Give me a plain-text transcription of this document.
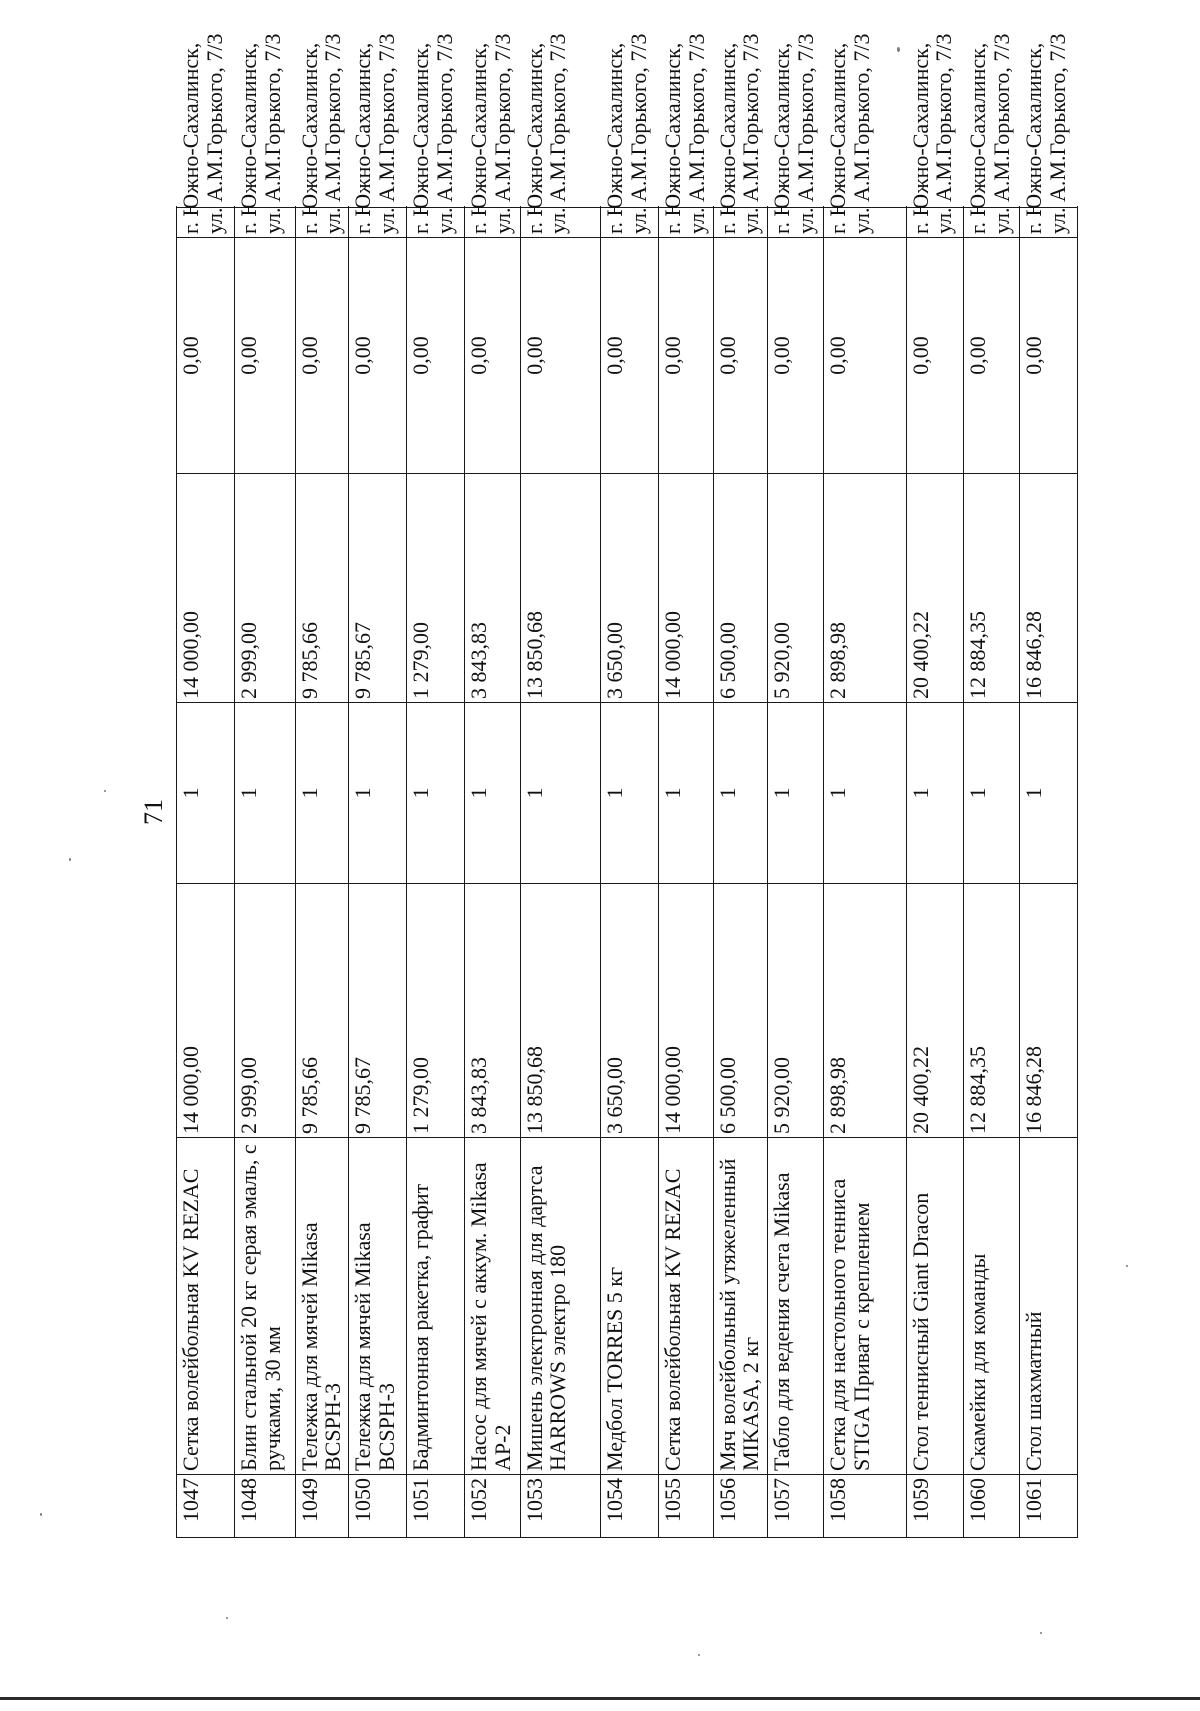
71
1047	Сетка волейбольная KV REZAC	14 000,00	1	14 000,00	0,00	г. Южно-Сахалинск,
ул. А.М.Горького, 7/3

1048	Блин стальной 20 кг серая эмаль, с ручками, 30 мм	2 999,00	1	2 999,00	0,00	г. Южно-Сахалинск,
ул. А.М.Горького, 7/3

1049	Тележка для мячей Mikasa BCSPH-3	9 785,66	1	9 785,66	0,00	г. Южно-Сахалинск,
ул. А.М.Горького, 7/3

1050	Тележка для мячей Mikasa BCSPH-3	9 785,67	1	9 785,67	0,00	г. Южно-Сахалинск,
ул. А.М.Горького, 7/3

1051	Бадминтонная ракетка, графит	1 279,00	1	1 279,00	0,00	г. Южно-Сахалинск,
ул. А.М.Горького, 7/3

1052	Насос для мячей с аккум. Mikasa AP-2	3 843,83	1	3 843,83	0,00	г. Южно-Сахалинск,
ул. А.М.Горького, 7/3

1053	Мишень электронная для дартса HARROWS электро 180	13 850,68	1	13 850,68	0,00	г. Южно-Сахалинск,
ул. А.М.Горького, 7/3

1054	Медбол TORRES 5 кг	3 650,00	1	3 650,00	0,00	г. Южно-Сахалинск,
ул. А.М.Горького, 7/3

1055	Сетка волейбольная KV REZAC	14 000,00	1	14 000,00	0,00	г. Южно-Сахалинск,
ул. А.М.Горького, 7/3

1056	Мяч волейбольный утяжеленный MIKASA, 2 кг	6 500,00	1	6 500,00	0,00	г. Южно-Сахалинск,
ул. А.М.Горького, 7/3

1057	Табло для ведения счета Mikasa	5 920,00	1	5 920,00	0,00	г. Южно-Сахалинск,
ул. А.М.Горького, 7/3

1058	Сетка для настольного тенниса STIGA Приват с креплением	2 898,98	1	2 898,98	0,00	г. Южно-Сахалинск,
ул. А.М.Горького, 7/3

1059	Стол теннисный Giant Dracon	20 400,22	1	20 400,22	0,00	г. Южно-Сахалинск,
ул. А.М.Горького, 7/3

1060	Скамейки для команды	12 884,35	1	12 884,35	0,00	г. Южно-Сахалинск,
ул. А.М.Горького, 7/3

1061	Стол шахматный	16 846,28	1	16 846,28	0,00	г. Южно-Сахалинск,
ул. А.М.Горького, 7/3
